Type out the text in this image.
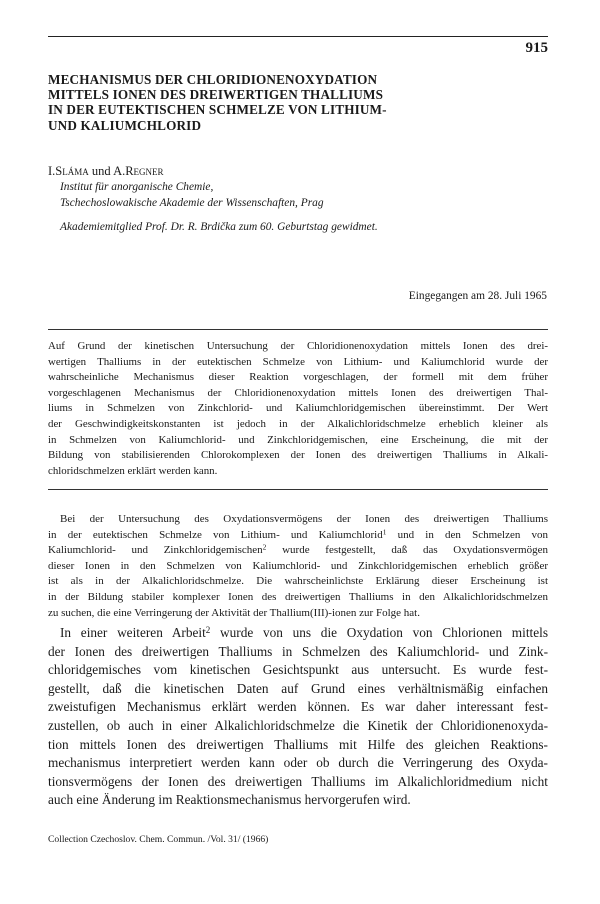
915
MECHANISMUS DER CHLORIDIONENOXYDATION
MITTELS IONEN DES DREIWERTIGEN THALLIUMS
IN DER EUTEKTISCHEN SCHMELZE VON LITHIUM-
UND KALIUMCHLORID
I.Sláma und A.Regner
Institut für anorganische Chemie,
Tschechoslowakische Akademie der Wissenschaften, Prag
Akademiemitglied Prof. Dr. R. Brdička zum 60. Geburtstag gewidmet.
Eingegangen am 28. Juli 1965
Auf Grund der kinetischen Untersuchung der Chloridionenoxydation mittels Ionen des drei-
wertigen Thalliums in der eutektischen Schmelze von Lithium- und Kaliumchlorid wurde der
wahrscheinliche Mechanismus dieser Reaktion vorgeschlagen, der formell mit dem früher
vorgeschlagenen Mechanismus der Chloridionenoxydation mittels Ionen des dreiwertigen Thal-
liums in Schmelzen von Zinkchlorid- und Kaliumchloridgemischen übereinstimmt. Der Wert
der Geschwindigkeitskonstanten ist jedoch in der Alkalichloridschmelze erheblich kleiner als
in Schmelzen von Kaliumchlorid- und Zinkchloridgemischen, eine Erscheinung, die mit der
Bildung von stabilisierenden Chlorokomplexen der Ionen des dreiwertigen Thalliums in Alkali-
chloridschmelzen erklärt werden kann.
Bei der Untersuchung des Oxydationsvermögens der Ionen des dreiwertigen Thalliums
in der eutektischen Schmelze von Lithium- und Kaliumchlorid$^1$ und in den Schmelzen von
Kaliumchlorid- und Zinkchloridgemischen$^2$ wurde festgestellt, daß das Oxydationsvermögen
dieser Ionen in den Schmelzen von Kaliumchlorid- und Zinkchloridgemischen erheblich größer
ist als in der Alkalichloridschmelze. Die wahrscheinlichste Erklärung dieser Erscheinung ist
in der Bildung stabiler komplexer Ionen des dreiwertigen Thalliums in den Alkalichloridschmelzen
zu suchen, die eine Verringerung der Aktivität der Thallium(III)-ionen zur Folge hat.
In einer weiteren Arbeit$^2$ wurde von uns die Oxydation von Chlorionen mittels
der Ionen des dreiwertigen Thalliums in Schmelzen des Kaliumchlorid- und Zink-
chloridgemisches vom kinetischen Gesichtspunkt aus untersucht. Es wurde fest-
gestellt, daß die kinetischen Daten auf Grund eines verhältnismäßig einfachen
zweistufigen Mechanismus erklärt werden können. Es war daher interessant fest-
zustellen, ob auch in einer Alkalichloridschmelze die Kinetik der Chloridionenoxyda-
tion mittels Ionen des dreiwertigen Thalliums mit Hilfe des gleichen Reaktions-
mechanismus interpretiert werden kann oder ob durch die Verringerung des Oxyda-
tionsvermögens der Ionen des dreiwertigen Thalliums im Alkalichloridmedium nicht
auch eine Änderung im Reaktionsmechanismus hervorgerufen wird.
Collection Czechoslov. Chem. Commun. /Vol. 31/ (1966)
